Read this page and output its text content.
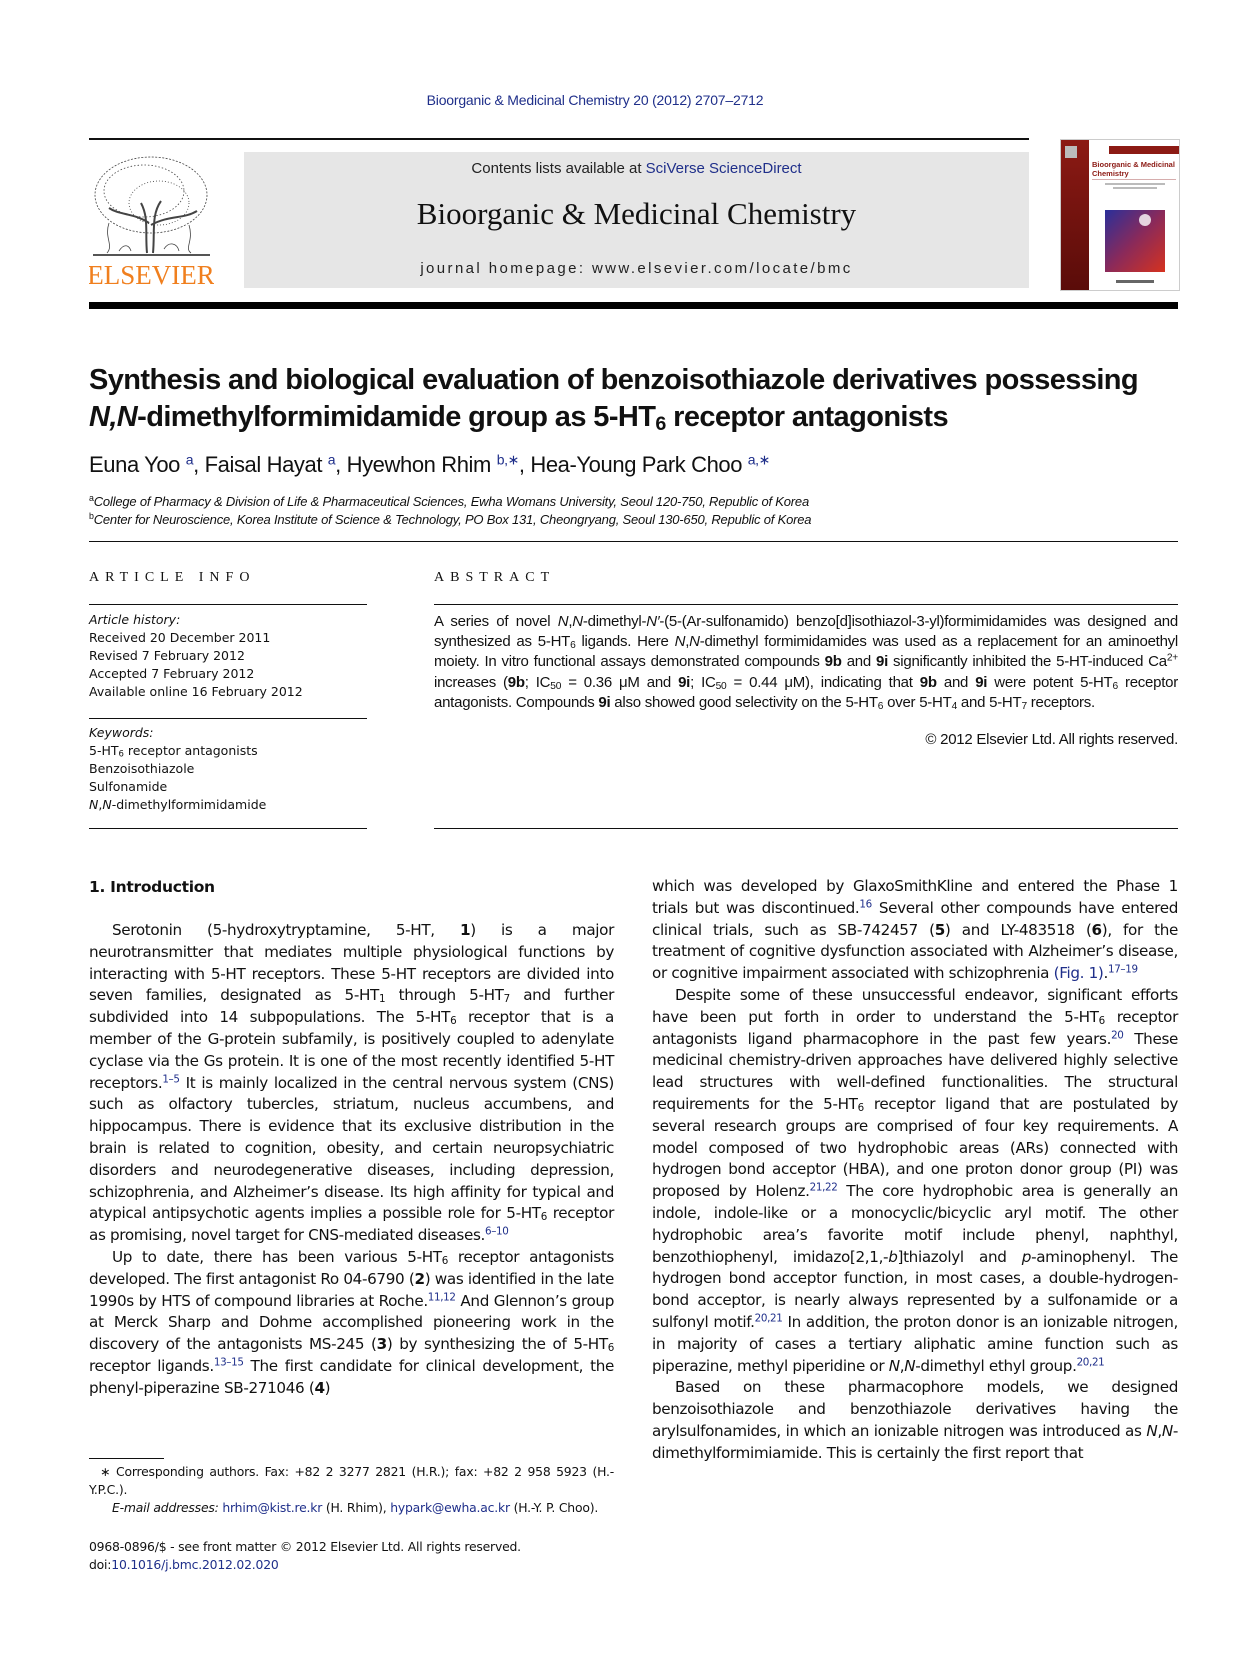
Bioorganic & Medicinal Chemistry 20 (2012) 2707–2712
ELSEVIER
Contents lists available at SciVerse ScienceDirect
Bioorganic & Medicinal Chemistry
journal homepage: www.elsevier.com/locate/bmc
Bioorganic & Medicinal
Chemistry
Synthesis and biological evaluation of benzoisothiazole derivatives possessing
N,N-dimethylformimidamide group as $5-HT_6$ receptor antagonists
Euna Yoo $^a$, Faisal Hayat $^a$, Hyewhon Rhim $^{b,∗}$, Hea-Young Park Choo $^{a,∗}$
$^a$College of Pharmacy & Division of Life & Pharmaceutical Sciences, Ewha Womans University, Seoul 120-750, Republic of Korea
$^b$Center for Neuroscience, Korea Institute of Science & Technology, PO Box 131, Cheongryang, Seoul 130-650, Republic of Korea
ARTICLE INFO	ABSTRACT
Article history:
Received 20 December 2011
Revised 7 February 2012
Accepted 7 February 2012
Available online 16 February 2012
Keywords:
$5-HT_6$ receptor antagonists
Benzoisothiazole
Sulfonamide
N,N-dimethylformimidamide
A series of novel N,N-dimethyl-N′-(5-(Ar-sulfonamido) benzo[d]isothiazol-3-yl)formimidamides was designed and synthesized as $5-HT_6$ ligands. Here N,N-dimethyl formimidamides was used as a replacement for an aminoethyl moiety. In vitro functional assays demonstrated compounds 9b and 9i significantly inhibited the 5-HT-induced $Ca^{2+}$ increases (9b; $IC_{50} = 0.36$ μM and 9i; $IC_{50} = 0.44$ μM), indicating that 9b and 9i were potent $5-HT_6$ receptor antagonists. Compounds 9i also showed good selectivity on the $5-HT_6$ over $5-HT_4$ and $5-HT_7$ receptors.
© 2012 Elsevier Ltd. All rights reserved.
1. Introduction

Serotonin (5-hydroxytryptamine, 5-HT, 1) is a major neurotransmitter that mediates multiple physiological functions by interacting with 5-HT receptors. These 5-HT receptors are divided into seven families, designated as $5-HT_1$ through $5-HT_7$ and further subdivided into 14 subpopulations. The $5-HT_6$ receptor that is a member of the G-protein subfamily, is positively coupled to adenylate cyclase via the Gs protein. It is one of the most recently identified 5-HT receptors.$^{1-5}$ It is mainly localized in the central nervous system (CNS) such as olfactory tubercles, striatum, nucleus accumbens, and hippocampus. There is evidence that its exclusive distribution in the brain is related to cognition, obesity, and certain neuropsychiatric disorders and neurodegenerative diseases, including depression, schizophrenia, and Alzheimer’s disease. Its high affinity for typical and atypical antipsychotic agents implies a possible role for $5-HT_6$ receptor as promising, novel target for CNS-mediated diseases.$^{6-10}$

Up to date, there has been various $5-HT_6$ receptor antagonists developed. The first antagonist Ro 04-6790 (2) was identified in the late 1990s by HTS of compound libraries at Roche.$^{11,12}$ And Glennon’s group at Merck Sharp and Dohme accomplished pioneering work in the discovery of the antagonists MS-245 (3) by synthesizing the of $5-HT_6$ receptor ligands.$^{13-15}$ The first candidate for clinical development, the phenyl-piperazine SB-271046 (4)

which was developed by GlaxoSmithKline and entered the Phase 1 trials but was discontinued.$^{16}$ Several other compounds have entered clinical trials, such as SB-742457 (5) and LY-483518 (6), for the treatment of cognitive dysfunction associated with Alzheimer’s disease, or cognitive impairment associated with schizophrenia (Fig. 1).$^{17-19}$

Despite some of these unsuccessful endeavor, significant efforts have been put forth in order to understand the $5-HT_6$ receptor antagonists ligand pharmacophore in the past few years.$^{20}$ These medicinal chemistry-driven approaches have delivered highly selective lead structures with well-defined functionalities. The structural requirements for the $5-HT_6$ receptor ligand that are postulated by several research groups are comprised of four key requirements. A model composed of two hydrophobic areas (ARs) connected with hydrogen bond acceptor (HBA), and one proton donor group (PI) was proposed by Holenz.$^{21,22}$ The core hydrophobic area is generally an indole, indole-like or a monocyclic/bicyclic aryl motif. The other hydrophobic area’s favorite motif include phenyl, naphthyl, benzothiophenyl, imidazo[2,1,-b]thiazolyl and p-aminophenyl. The hydrogen bond acceptor function, in most cases, a double-hydrogen-bond acceptor, is nearly always represented by a sulfonamide or a sulfonyl motif.$^{20,21}$ In addition, the proton donor is an ionizable nitrogen, in majority of cases a tertiary aliphatic amine function such as piperazine, methyl piperidine or N,N-dimethyl ethyl group.$^{20,21}$

Based on these pharmacophore models, we designed benzoisothiazole and benzothiazole derivatives having the arylsulfonamides, in which an ionizable nitrogen was introduced as N,N-dimethylformimiamide. This is certainly the first report that

∗ Corresponding authors. Fax: +82 2 3277 2821 (H.R.); fax: +82 2 958 5923 (H.-Y.P.C.).

E-mail addresses: hrhim@kist.re.kr (H. Rhim), hypark@ewha.ac.kr (H.-Y. P. Choo).

0968-0896/$ - see front matter © 2012 Elsevier Ltd. All rights reserved.
doi:10.1016/j.bmc.2012.02.020
